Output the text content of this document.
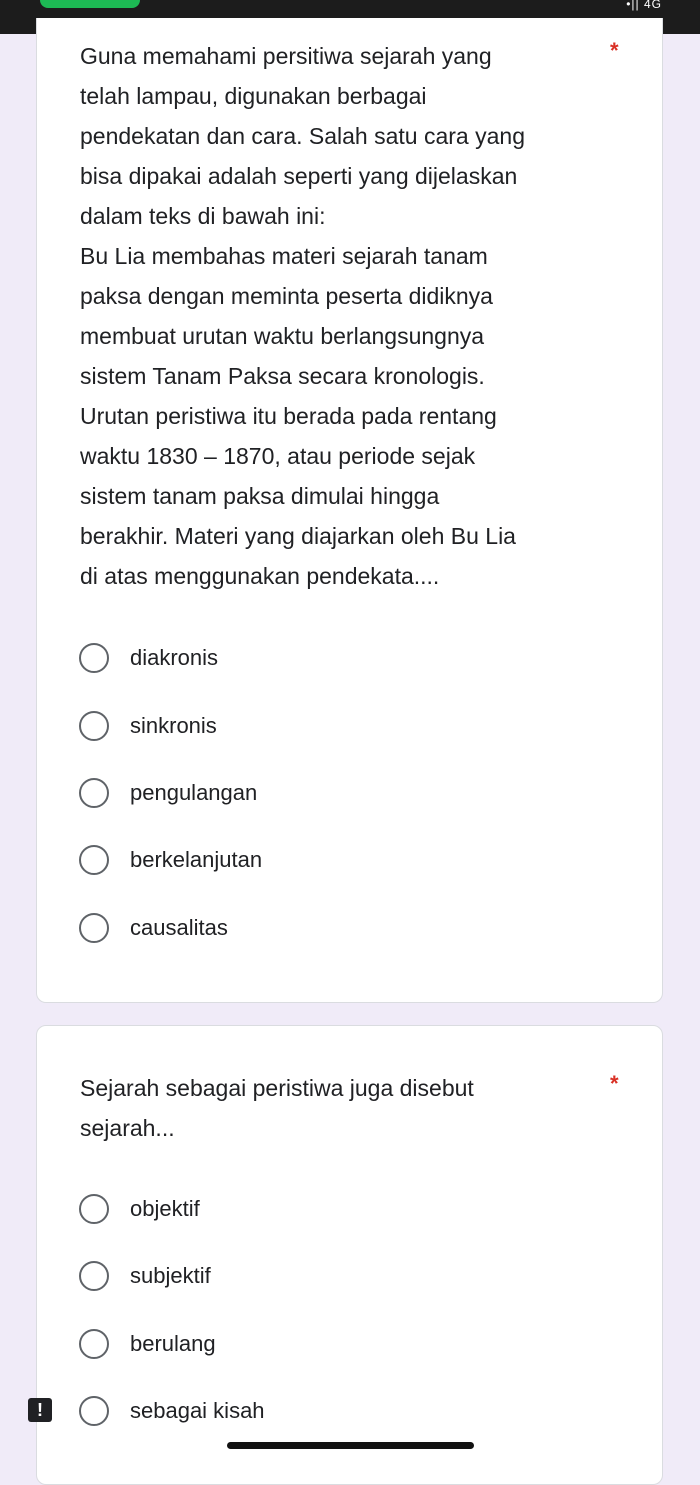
•|| 4G
Guna memahami persitiwa sejarah yang
telah lampau, digunakan berbagai
pendekatan dan cara. Salah satu cara yang
bisa dipakai adalah seperti yang dijelaskan
dalam teks di bawah ini:
Bu Lia membahas materi sejarah tanam
paksa dengan meminta peserta didiknya
membuat urutan waktu berlangsungnya
sistem Tanam Paksa secara kronologis.
Urutan peristiwa itu berada pada rentang
waktu 1830 – 1870, atau periode sejak
sistem tanam paksa dimulai hingga
berakhir. Materi yang diajarkan oleh Bu Lia
di atas menggunakan pendekata....
*
diakronis
sinkronis
pengulangan
berkelanjutan
causalitas
Sejarah sebagai peristiwa juga disebut
sejarah...
*
objektif
subjektif
berulang
sebagai kisah
!
